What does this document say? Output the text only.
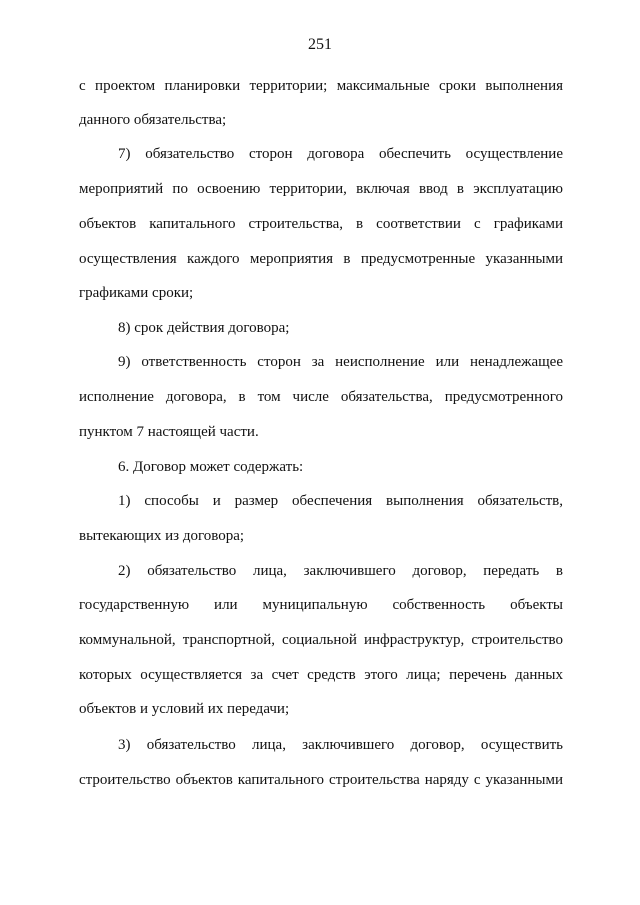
251
с проектом планировки территории; максимальные сроки выполнения
данного обязательства;
7) обязательство сторон договора обеспечить осуществление
мероприятий по освоению территории, включая ввод в эксплуатацию
объектов капитального строительства, в соответствии с графиками
осуществления каждого мероприятия в предусмотренные указанными
графиками сроки;
8) срок действия договора;
9) ответственность сторон за неисполнение или ненадлежащее
исполнение договора, в том числе обязательства, предусмотренного
пунктом 7 настоящей части.
6. Договор может содержать:
1) способы и размер обеспечения выполнения обязательств,
вытекающих из договора;
2) обязательство лица, заключившего договор, передать в
государственную или муниципальную собственность объекты
коммунальной, транспортной, социальной инфраструктур, строительство
которых осуществляется за счет средств этого лица; перечень данных
объектов и условий их передачи;
3) обязательство лица, заключившего договор, осуществить
строительство объектов капитального строительства наряду с указанными
